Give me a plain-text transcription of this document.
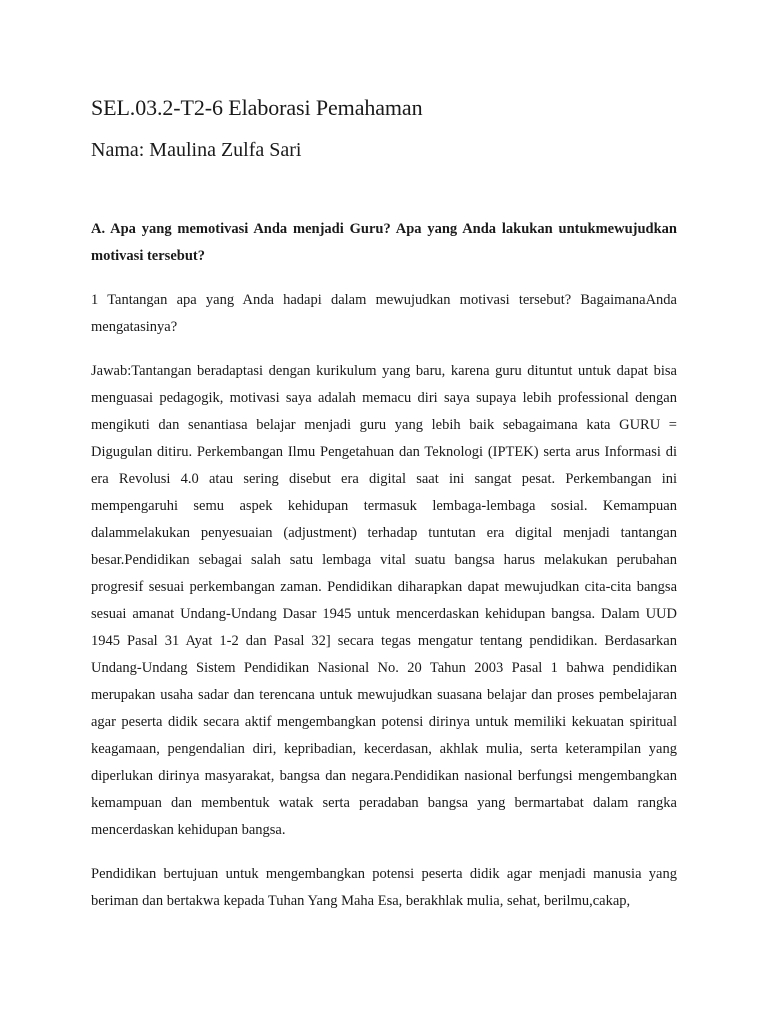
SEL.03.2-T2-6 Elaborasi Pemahaman
Nama: Maulina Zulfa Sari

A. Apa yang memotivasi Anda menjadi Guru? Apa yang Anda lakukan untukmewujudkan motivasi tersebut?

1 Tantangan apa yang Anda hadapi dalam mewujudkan motivasi tersebut? BagaimanaAnda mengatasinya?

Jawab:Tantangan beradaptasi dengan kurikulum yang baru, karena guru dituntut untuk dapat bisa menguasai pedagogik, motivasi saya adalah memacu diri saya supaya lebih professional dengan mengikuti dan senantiasa belajar menjadi guru yang lebih baik sebagaimana kata GURU = Digugulan ditiru. Perkembangan Ilmu Pengetahuan dan Teknologi (IPTEK) serta arus Informasi di era Revolusi 4.0 atau sering disebut era digital saat ini sangat pesat. Perkembangan ini mempengaruhi semu aspek kehidupan termasuk lembaga-lembaga sosial. Kemampuan dalammelakukan penyesuaian (adjustment) terhadap tuntutan era digital menjadi tantangan besar.Pendidikan sebagai salah satu lembaga vital suatu bangsa harus melakukan perubahan progresif sesuai perkembangan zaman. Pendidikan diharapkan dapat mewujudkan cita-cita bangsa sesuai amanat Undang-Undang Dasar 1945 untuk mencerdaskan kehidupan bangsa. Dalam UUD 1945 Pasal 31 Ayat 1-2 dan Pasal 32] secara tegas mengatur tentang pendidikan. Berdasarkan Undang-Undang Sistem Pendidikan Nasional No. 20 Tahun 2003 Pasal 1 bahwa pendidikan merupakan usaha sadar dan terencana untuk mewujudkan suasana belajar dan proses pembelajaran agar peserta didik secara aktif mengembangkan potensi dirinya untuk memiliki kekuatan spiritual keagamaan, pengendalian diri, kepribadian, kecerdasan, akhlak mulia, serta keterampilan yang diperlukan dirinya masyarakat, bangsa dan negara.Pendidikan nasional berfungsi mengembangkan kemampuan dan membentuk watak serta peradaban bangsa yang bermartabat dalam rangka mencerdaskan kehidupan bangsa.

Pendidikan bertujuan untuk mengembangkan potensi peserta didik agar menjadi manusia yang beriman dan bertakwa kepada Tuhan Yang Maha Esa, berakhlak mulia, sehat, berilmu,cakap,
